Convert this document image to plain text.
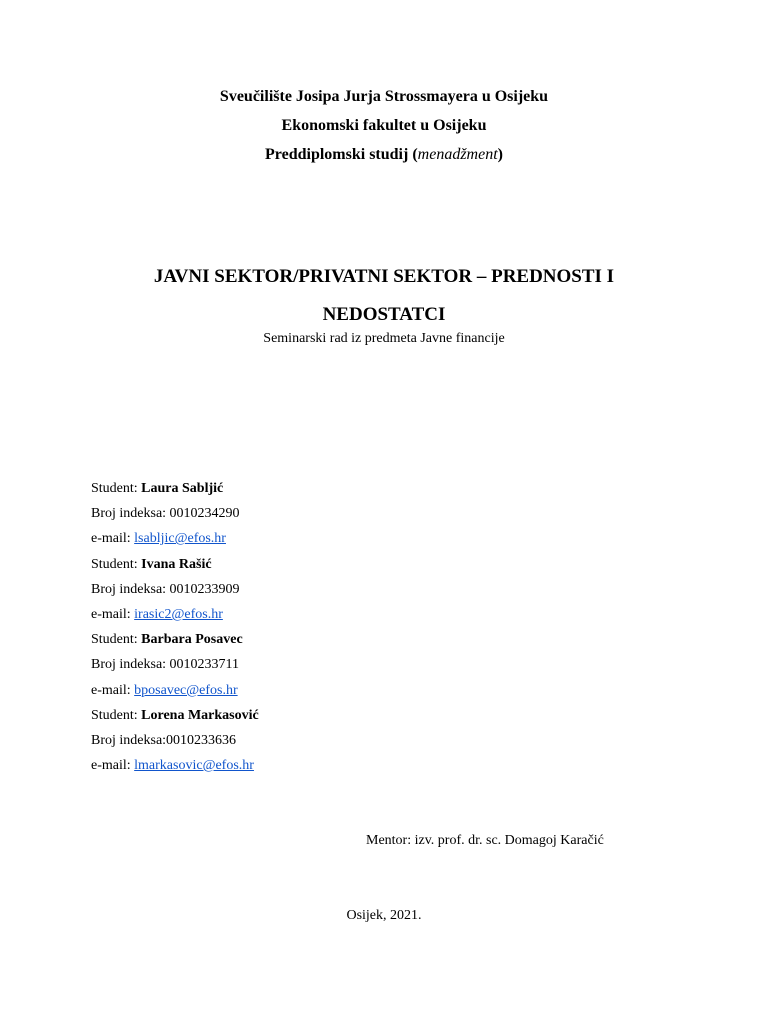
Sveučilište Josipa Jurja Strossmayera u Osijeku
Ekonomski fakultet u Osijeku
Preddiplomski studij (menadžment)
JAVNI SEKTOR/PRIVATNI SEKTOR – PREDNOSTI I
NEDOSTATCI
Seminarski rad iz predmeta Javne financije
Student: Laura Sabljić
Broj indeksa: 0010234290
e-mail: lsabljic@efos.hr
Student: Ivana Rašić
Broj indeksa: 0010233909
e-mail: irasic2@efos.hr
Student: Barbara Posavec
Broj indeksa: 0010233711
e-mail: bposavec@efos.hr
Student: Lorena Markasović
Broj indeksa:0010233636
e-mail: lmarkasovic@efos.hr
Mentor: izv. prof. dr. sc. Domagoj Karačić
Osijek, 2021.
